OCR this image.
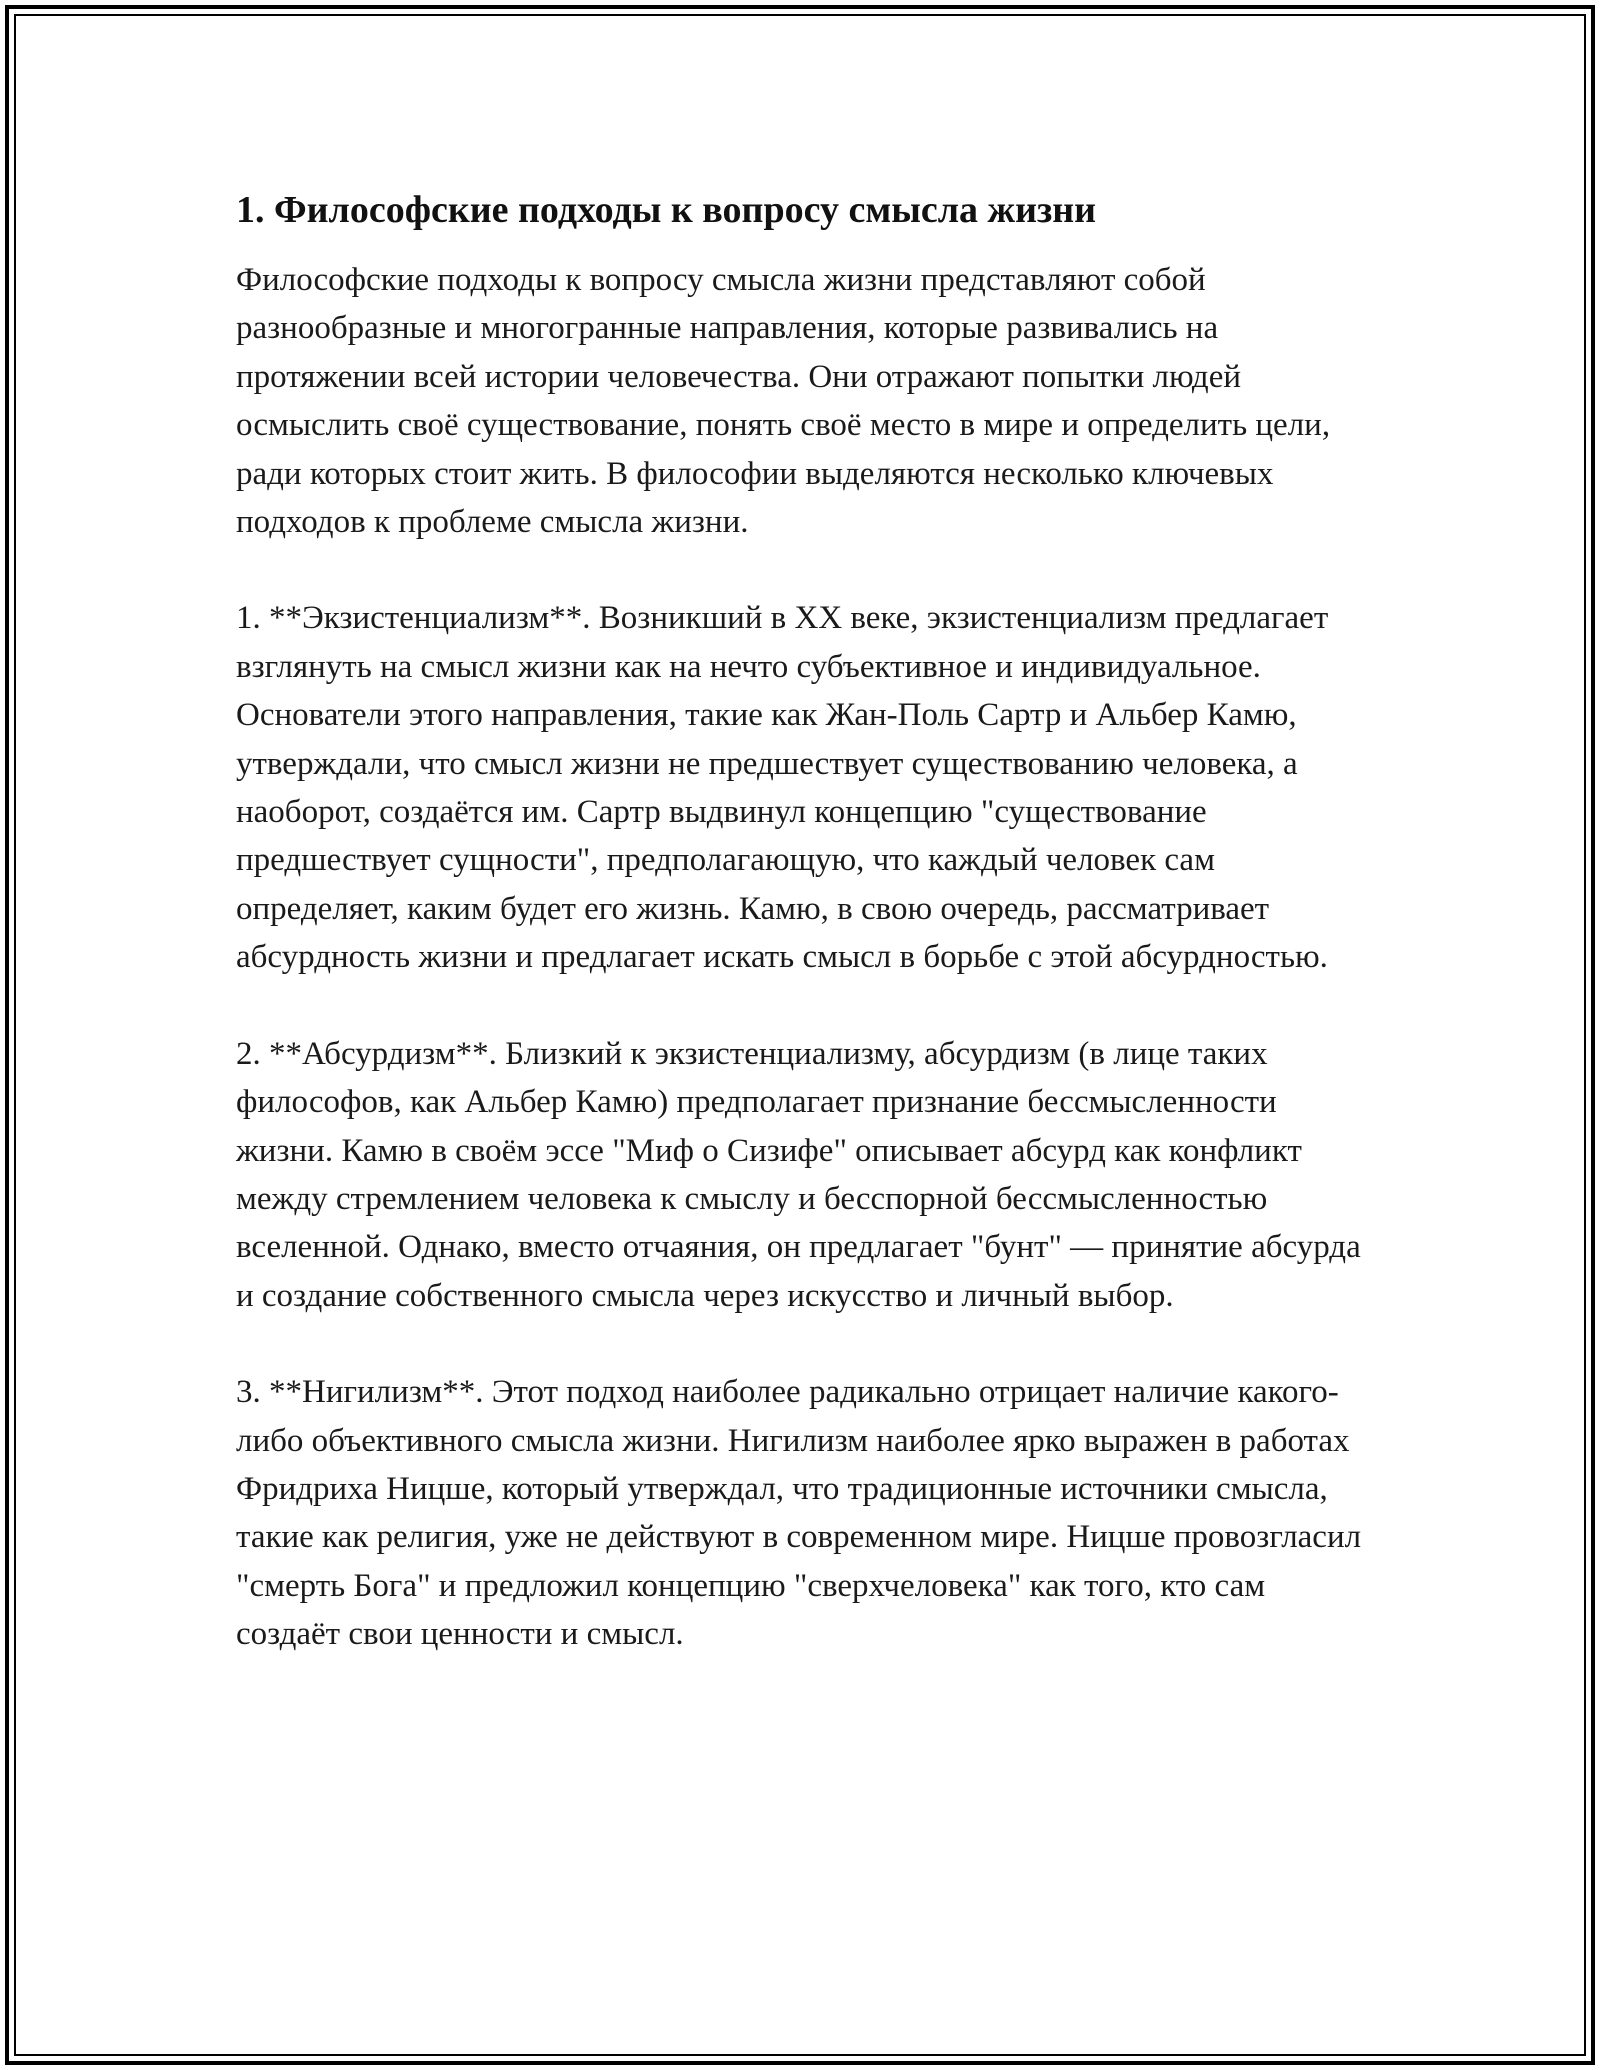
1. Философские подходы к вопросу смысла жизни

Философские подходы к вопросу смысла жизни представляют собой разнообразные и многогранные направления, которые развивались на протяжении всей истории человечества. Они отражают попытки людей осмыслить своё существование, понять своё место в мире и определить цели, ради которых стоит жить. В философии выделяются несколько ключевых подходов к проблеме смысла жизни.

1. **Экзистенциализм**. Возникший в XX веке, экзистенциализм предлагает взглянуть на смысл жизни как на нечто субъективное и индивидуальное. Основатели этого направления, такие как Жан-Поль Сартр и Альбер Камю, утверждали, что смысл жизни не предшествует существованию человека, а наоборот, создаётся им. Сартр выдвинул концепцию "существование предшествует сущности", предполагающую, что каждый человек сам определяет, каким будет его жизнь. Камю, в свою очередь, рассматривает абсурдность жизни и предлагает искать смысл в борьбе с этой абсурдностью.

2. **Абсурдизм**. Близкий к экзистенциализму, абсурдизм (в лице таких философов, как Альбер Камю) предполагает признание бессмысленности жизни. Камю в своём эссе "Миф о Сизифе" описывает абсурд как конфликт между стремлением человека к смыслу и бесспорной бессмысленностью вселенной. Однако, вместо отчаяния, он предлагает "бунт" — принятие абсурда и создание собственного смысла через искусство и личный выбор.

3. **Нигилизм**. Этот подход наиболее радикально отрицает наличие какого-либо объективного смысла жизни. Нигилизм наиболее ярко выражен в работах Фридриха Ницше, который утверждал, что традиционные источники смысла, такие как религия, уже не действуют в современном мире. Ницше провозгласил "смерть Бога" и предложил концепцию "сверхчеловека" как того, кто сам создаёт свои ценности и смысл.
